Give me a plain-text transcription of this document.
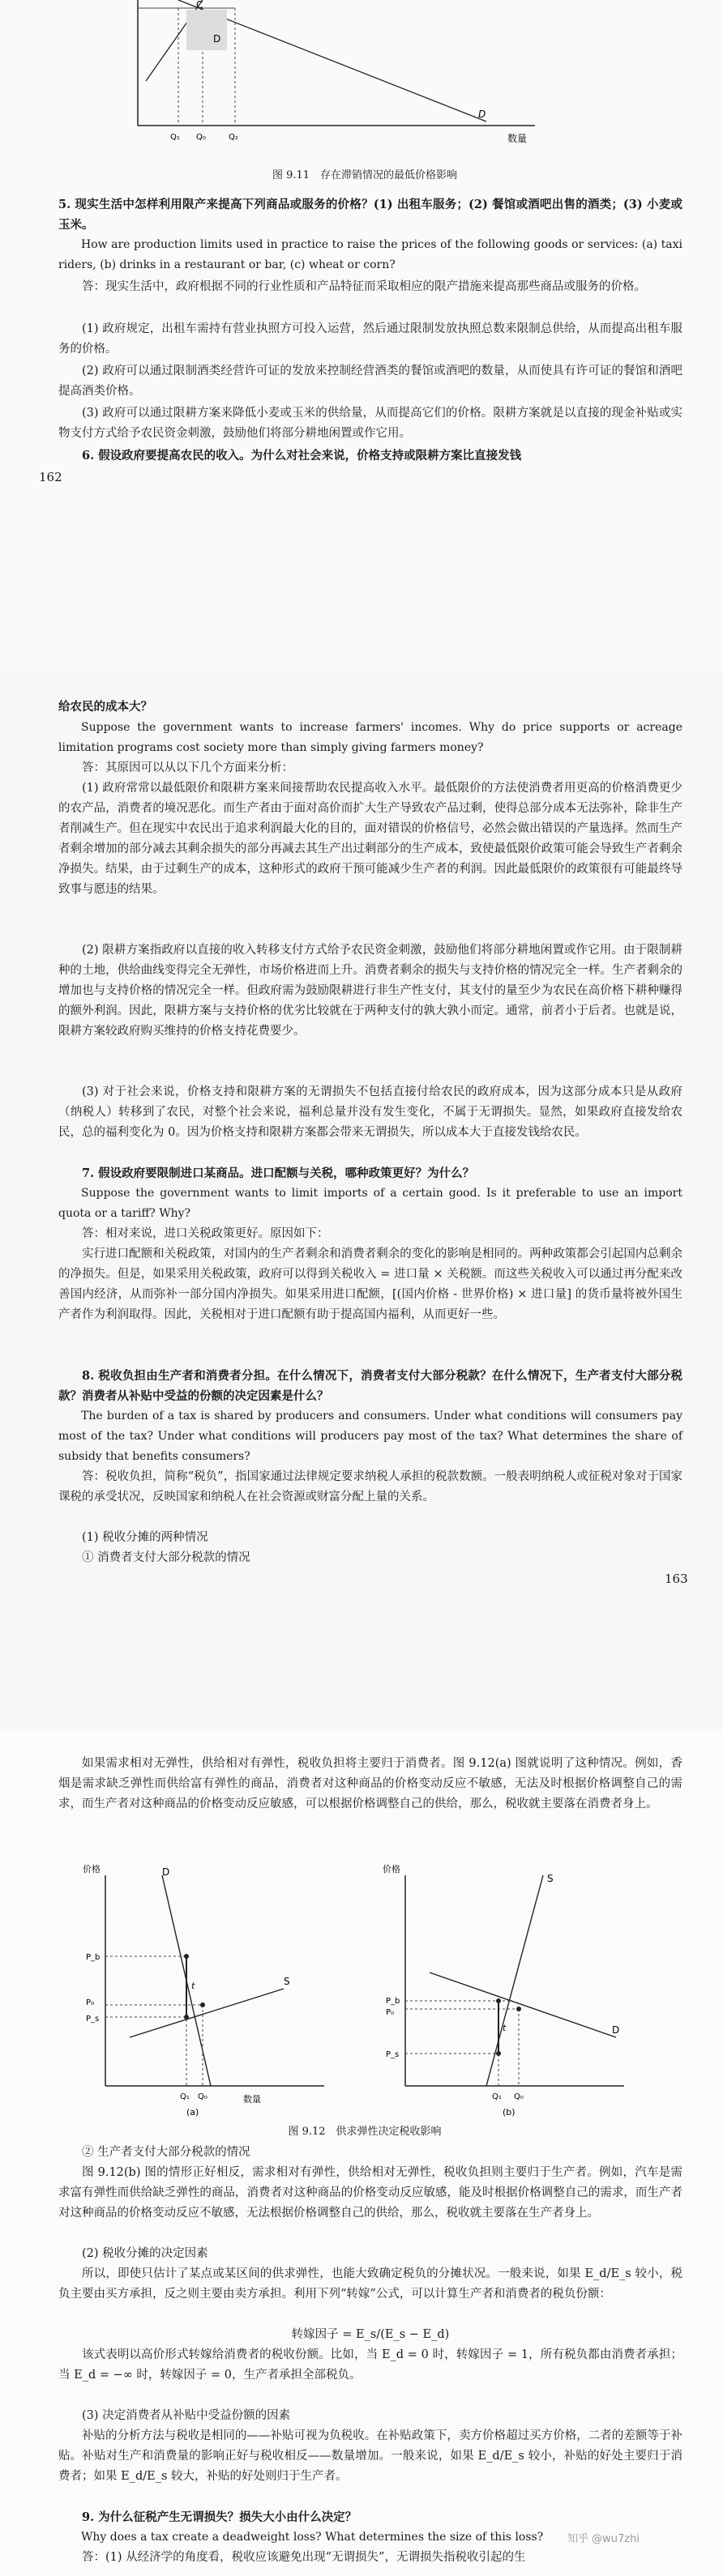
C
D
Q₁ Q₀	Q₂
D
数量
图 9.11　存在滞销情况的最低价格影响
5. 现实生活中怎样利用限产来提高下列商品或服务的价格？(1) 出租车服务；(2) 餐馆或酒吧出售的酒类；(3) 小麦或玉米。
How are production limits used in practice to raise the prices of the following goods or services: (a) taxi riders, (b) drinks in a restaurant or bar, (c) wheat or corn?
答：现实生活中，政府根据不同的行业性质和产品特征而采取相应的限产措施来提高那些商品或服务的价格。
(1) 政府规定，出租车需持有营业执照方可投入运营，然后通过限制发放执照总数来限制总供给，从而提高出租车服务的价格。
(2) 政府可以通过限制酒类经营许可证的发放来控制经营酒类的餐馆或酒吧的数量，从而使具有许可证的餐馆和酒吧提高酒类价格。
(3) 政府可以通过限耕方案来降低小麦或玉米的供给量，从而提高它们的价格。限耕方案就是以直接的现金补贴或实物支付方式给予农民资金刺激，鼓励他们将部分耕地闲置或作它用。
6. 假设政府要提高农民的收入。为什么对社会来说，价格支持或限耕方案比直接发钱
162
给农民的成本大？
Suppose the government wants to increase farmers' incomes. Why do price supports or acreage limitation programs cost society more than simply giving farmers money?
答：其原因可以从以下几个方面来分析：
(1) 政府常常以最低限价和限耕方案来间接帮助农民提高收入水平。最低限价的方法使消费者用更高的价格消费更少的农产品，消费者的境况恶化。而生产者由于面对高价而扩大生产导致农产品过剩，使得总部分成本无法弥补，除非生产者削减生产。但在现实中农民出于追求利润最大化的目的，面对错误的价格信号，必然会做出错误的产量选择。然而生产者剩余增加的部分减去其剩余损失的部分再减去其生产出过剩部分的生产成本，致使最低限价政策可能会导致生产者剩余净损失。结果，由于过剩生产的成本，这种形式的政府干预可能减少生产者的利润。因此最低限价的政策很有可能最终导致事与愿违的结果。
(2) 限耕方案指政府以直接的收入转移支付方式给予农民资金刺激，鼓励他们将部分耕地闲置或作它用。由于限制耕种的土地，供给曲线变得完全无弹性，市场价格进而上升。消费者剩余的损失与支持价格的情况完全一样。生产者剩余的增加也与支持价格的情况完全一样。但政府需为鼓励限耕进行非生产性支付，其支付的量至少为农民在高价格下耕种赚得的额外利润。因此，限耕方案与支持价格的优劣比较就在于两种支付的孰大孰小而定。通常，前者小于后者。也就是说，限耕方案较政府购买维持的价格支持花费要少。
(3) 对于社会来说，价格支持和限耕方案的无谓损失不包括直接付给农民的政府成本，因为这部分成本只是从政府（纳税人）转移到了农民，对整个社会来说，福利总量并没有发生变化，不属于无谓损失。显然，如果政府直接发给农民，总的福利变化为 0。因为价格支持和限耕方案都会带来无谓损失，所以成本大于直接发钱给农民。
7. 假设政府要限制进口某商品。进口配额与关税，哪种政策更好？为什么？
Suppose the government wants to limit imports of a certain good. Is it preferable to use an import quota or a tariff? Why?
答：相对来说，进口关税政策更好。原因如下：
实行进口配额和关税政策，对国内的生产者剩余和消费者剩余的变化的影响是相同的。两种政策都会引起国内总剩余的净损失。但是，如果采用关税政策，政府可以得到关税收入 = 进口量 × 关税额。而这些关税收入可以通过再分配来改善国内经济，从而弥补一部分国内净损失。如果采用进口配额，[(国内价格 - 世界价格) × 进口量] 的货币量将被外国生产者作为利润取得。因此，关税相对于进口配额有助于提高国内福利，从而更好一些。
8. 税收负担由生产者和消费者分担。在什么情况下，消费者支付大部分税款？在什么情况下，生产者支付大部分税款？消费者从补贴中受益的份额的决定因素是什么？
The burden of a tax is shared by producers and consumers. Under what conditions will consumers pay most of the tax? Under what conditions will producers pay most of the tax? What determines the share of subsidy that benefits consumers?
答：税收负担，简称“税负”，指国家通过法律规定要求纳税人承担的税款数额。一般表明纳税人或征税对象对于国家课税的承受状况，反映国家和纳税人在社会资源或财富分配上量的关系。
(1) 税收分摊的两种情况
① 消费者支付大部分税款的情况
163
如果需求相对无弹性，供给相对有弹性，税收负担将主要归于消费者。图 9.12(a) 图就说明了这种情况。例如，香烟是需求缺乏弹性而供给富有弹性的商品，消费者对这种商品的价格变动反应不敏感，无法及时根据价格调整自己的需求，而生产者对这种商品的价格变动反应敏感，可以根据价格调整自己的供给，那么，税收就主要落在消费者身上。
D
S
价格
P_b
P₀
P_s
t
Q₁ Q₀	数量
(a)
S
D
价格
P_b
P₀
P_s
t
Q₁ Q₀
(b)
图 9.12　供求弹性决定税收影响
② 生产者支付大部分税款的情况
图 9.12(b) 图的情形正好相反，需求相对有弹性，供给相对无弹性，税收负担则主要归于生产者。例如，汽车是需求富有弹性而供给缺乏弹性的商品，消费者对这种商品的价格变动反应敏感，能及时根据价格调整自己的需求，而生产者对这种商品的价格变动反应不敏感，无法根据价格调整自己的供给，那么，税收就主要落在生产者身上。
(2) 税收分摊的决定因素
所以，即使只估计了某点或某区间的供求弹性，也能大致确定税负的分摊状况。一般来说，如果 E_d/E_s 较小，税负主要由买方承担，反之则主要由卖方承担。利用下列“转嫁”公式，可以计算生产者和消费者的税负份额：
转嫁因子 = E_s/(E_s − E_d)
该式表明以高价形式转嫁给消费者的税收份额。比如，当 E_d = 0 时，转嫁因子 = 1，所有税负都由消费者承担；当 E_d = −∞ 时，转嫁因子 = 0，生产者承担全部税负。
(3) 决定消费者从补贴中受益份额的因素
补贴的分析方法与税收是相同的——补贴可视为负税收。在补贴政策下，卖方价格超过买方价格，二者的差额等于补贴。补贴对生产和消费量的影响正好与税收相反——数量增加。一般来说，如果 E_d/E_s 较小，补贴的好处主要归于消费者；如果 E_d/E_s 较大，补贴的好处则归于生产者。
9. 为什么征税产生无谓损失？损失大小由什么决定？
Why does a tax create a deadweight loss? What determines the size of this loss?
答：(1) 从经济学的角度看，税收应该避免出现“无谓损失”，无谓损失指税收引起的生
知乎 @wu7zhi
